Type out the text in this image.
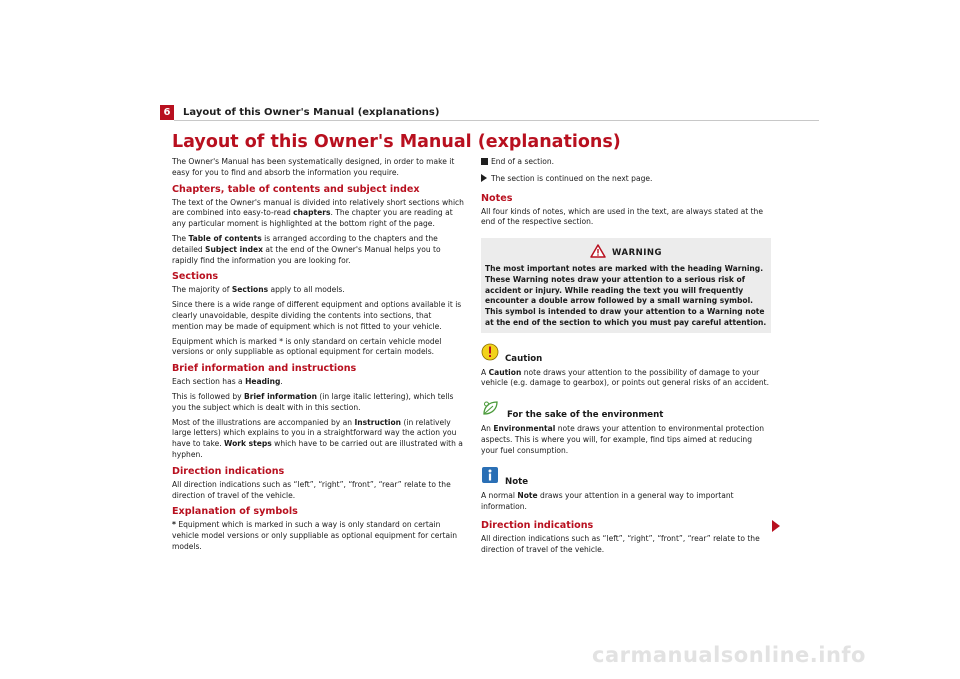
6	Layout of this Owner's Manual (explanations)
Layout of this Owner's Manual (explanations)

The Owner's Manual has been systematically designed, in order to make it easy for you to find and absorb the information you require.

Chapters, table of contents and subject index

The text of the Owner's manual is divided into relatively short sections which are combined into easy-to-read chapters. The chapter you are reading at any particular moment is highlighted at the bottom right of the page.

The Table of contents is arranged according to the chapters and the detailed Subject index at the end of the Owner's Manual helps you to rapidly find the information you are looking for.

Sections

The majority of Sections apply to all models.

Since there is a wide range of different equipment and options available it is clearly unavoidable, despite dividing the contents into sections, that mention may be made of equipment which is not fitted to your vehicle.

Equipment which is marked * is only standard on certain vehicle model versions or only suppliable as optional equipment for certain models.

Brief information and instructions

Each section has a Heading.

This is followed by Brief information (in large italic lettering), which tells you the subject which is dealt with in this section.

Most of the illustrations are accompanied by an Instruction (in relatively large letters) which explains to you in a straightforward way the action you have to take. Work steps which have to be carried out are illustrated with a hyphen.

Direction indications

All direction indications such as “left”, “right”, “front”, “rear” relate to the direction of travel of the vehicle.

Explanation of symbols

* Equipment which is marked in such a way is only standard on certain vehicle model versions or only suppliable as optional equipment for certain models.

End of a section.

The section is continued on the next page.

Notes

All four kinds of notes, which are used in the text, are always stated at the end of the respective section.

WARNING
The most important notes are marked with the heading Warning. These Warning notes draw your attention to a serious risk of accident or injury. While reading the text you will frequently encounter a double arrow followed by a small warning symbol. This symbol is intended to draw your attention to a Warning note at the end of the section to which you must pay careful attention.
Caution

A Caution note draws your attention to the possibility of damage to your vehicle (e.g. damage to gearbox), or points out general risks of an accident.

For the sake of the environment

An Environmental note draws your attention to environmental protection aspects. This is where you will, for example, find tips aimed at reducing your fuel consumption.

Note

A normal Note draws your attention in a general way to important information.

Direction indications

All direction indications such as “left”, “right”, “front”, “rear” relate to the direction of travel of the vehicle.

carmanualsonline.info
